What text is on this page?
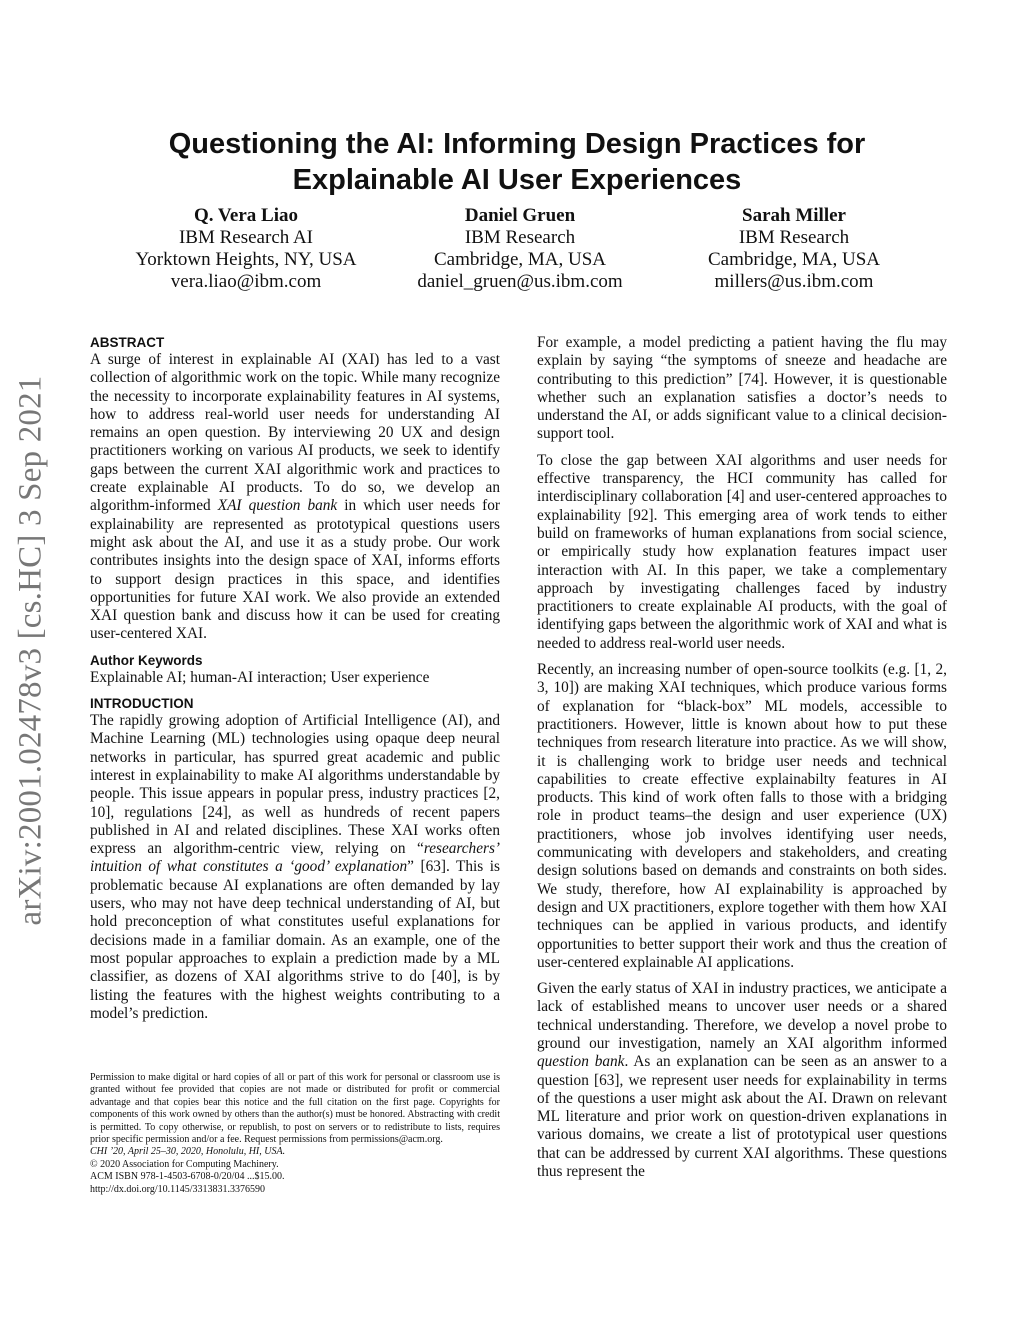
arXiv:2001.02478v3 [cs.HC] 3 Sep 2021
Questioning the AI: Informing Design Practices for Explainable AI User Experiences
Q. Vera Liao
IBM Research AI
Yorktown Heights, NY, USA
vera.liao@ibm.com
Daniel Gruen
IBM Research
Cambridge, MA, USA
daniel_gruen@us.ibm.com
Sarah Miller
IBM Research
Cambridge, MA, USA
millers@us.ibm.com
ABSTRACT

A surge of interest in explainable AI (XAI) has led to a vast collection of algorithmic work on the topic. While many recognize the necessity to incorporate explainability features in AI systems, how to address real-world user needs for understanding AI remains an open question. By interviewing 20 UX and design practitioners working on various AI products, we seek to identify gaps between the current XAI algorithmic work and practices to create explainable AI products. To do so, we develop an algorithm-informed XAI question bank in which user needs for explainability are represented as prototypical questions users might ask about the AI, and use it as a study probe. Our work contributes insights into the design space of XAI, informs efforts to support design practices in this space, and identifies opportunities for future XAI work. We also provide an extended XAI question bank and discuss how it can be used for creating user-centered XAI.

Author Keywords

Explainable AI; human-AI interaction; User experience

INTRODUCTION

The rapidly growing adoption of Artificial Intelligence (AI), and Machine Learning (ML) technologies using opaque deep neural networks in particular, has spurred great academic and public interest in explainability to make AI algorithms understandable by people. This issue appears in popular press, industry practices [2, 10], regulations [24], as well as hundreds of recent papers published in AI and related disciplines. These XAI works often express an algorithm-centric view, relying on “researchers’ intuition of what constitutes a ‘good’ explanation” [63]. This is problematic because AI explanations are often demanded by lay users, who may not have deep technical understanding of AI, but hold preconception of what constitutes useful explanations for decisions made in a familiar domain. As an example, one of the most popular approaches to explain a prediction made by a ML classifier, as dozens of XAI algorithms strive to do [40], is by listing the features with the highest weights contributing to a model’s prediction.

Permission to make digital or hard copies of all or part of this work for personal or classroom use is granted without fee provided that copies are not made or distributed for profit or commercial advantage and that copies bear this notice and the full citation on the first page. Copyrights for components of this work owned by others than the author(s) must be honored. Abstracting with credit is permitted. To copy otherwise, or republish, to post on servers or to redistribute to lists, requires prior specific permission and/or a fee. Request permissions from permissions@acm.org.

CHI ’20, April 25–30, 2020, Honolulu, HI, USA.

© 2020 Association for Computing Machinery.

ACM ISBN 978-1-4503-6708-0/20/04 ...$15.00.

http://dx.doi.org/10.1145/3313831.3376590

For example, a model predicting a patient having the flu may explain by saying “the symptoms of sneeze and headache are contributing to this prediction” [74]. However, it is questionable whether such an explanation satisfies a doctor’s needs to understand the AI, or adds significant value to a clinical decision-support tool.

To close the gap between XAI algorithms and user needs for effective transparency, the HCI community has called for interdisciplinary collaboration [4] and user-centered approaches to explainability [92]. This emerging area of work tends to either build on frameworks of human explanations from social science, or empirically study how explanation features impact user interaction with AI. In this paper, we take a complementary approach by investigating challenges faced by industry practitioners to create explainable AI products, with the goal of identifying gaps between the algorithmic work of XAI and what is needed to address real-world user needs.

Recently, an increasing number of open-source toolkits (e.g. [1, 2, 3, 10]) are making XAI techniques, which produce various forms of explanation for “black-box” ML models, accessible to practitioners. However, little is known about how to put these techniques from research literature into practice. As we will show, it is challenging work to bridge user needs and technical capabilities to create effective explainabilty features in AI products. This kind of work often falls to those with a bridging role in product teams–the design and user experience (UX) practitioners, whose job involves identifying user needs, communicating with developers and stakeholders, and creating design solutions based on demands and constraints on both sides. We study, therefore, how AI explainability is approached by design and UX practitioners, explore together with them how XAI techniques can be applied in various products, and identify opportunities to better support their work and thus the creation of user-centered explainable AI applications.

Given the early status of XAI in industry practices, we anticipate a lack of established means to uncover user needs or a shared technical understanding. Therefore, we develop a novel probe to ground our investigation, namely an XAI algorithm informed question bank. As an explanation can be seen as an answer to a question [63], we represent user needs for explainability in terms of the questions a user might ask about the AI. Drawn on relevant ML literature and prior work on question-driven explanations in various domains, we create a list of prototypical user questions that can be addressed by current XAI algorithms. These questions thus represent the
